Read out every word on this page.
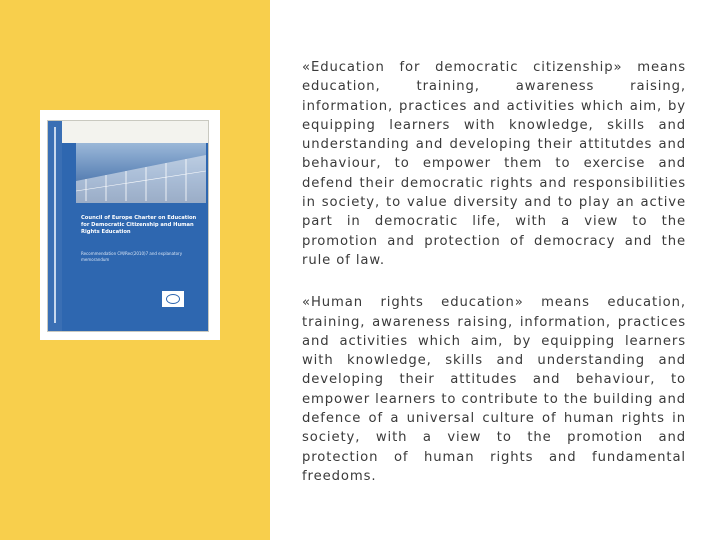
Council of Europe Charter on Education for Democratic Citizenship and Human Rights Education
Recommendation CM/Rec(2010)7 and explanatory memorandum

«Education for democratic citizenship» means education, training, awareness raising, information, practices and activities which aim, by equipping learners with knowledge, skills and understanding and developing their attitutdes and behaviour, to empower them to exercise and defend their democratic rights and responsibilities in society, to value diversity and to play an active part in democratic life, with a view to the promotion and protection of democracy and the rule of law.

«Human rights education» means education, training, awareness raising, information, practices and activities which aim, by equipping learners with knowledge, skills and understanding and developing their attitudes and behaviour, to empower learners to contribute to the building and defence of a universal culture of human rights in society, with a view to the promotion and protection of human rights and fundamental freedoms.
